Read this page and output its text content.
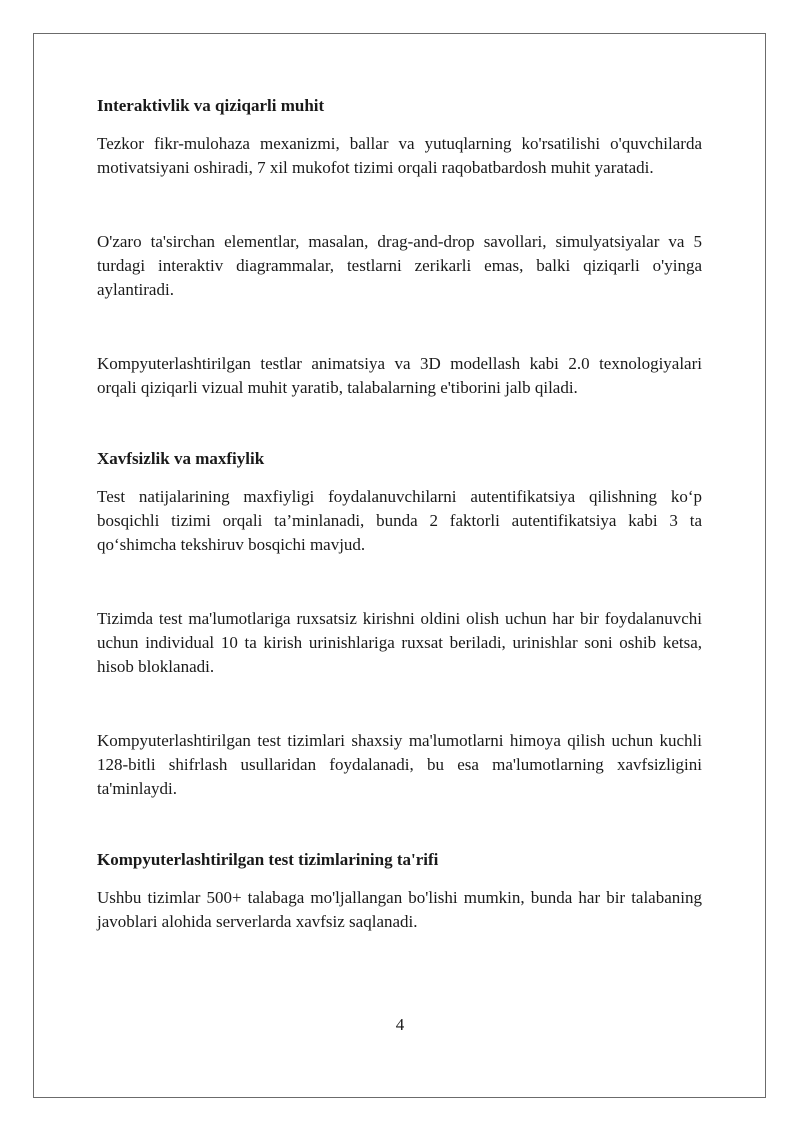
Interaktivlik va qiziqarli muhit

Tezkor fikr-mulohaza mexanizmi, ballar va yutuqlarning ko'rsatilishi o'quvchilarda motivatsiyani oshiradi, 7 xil mukofot tizimi orqali raqobatbardosh muhit yaratadi.

O'zaro ta'sirchan elementlar, masalan, drag-and-drop savollari, simulyatsiyalar va 5 turdagi interaktiv diagrammalar, testlarni zerikarli emas, balki qiziqarli o'yinga aylantiradi.

Kompyuterlashtirilgan testlar animatsiya va 3D modellash kabi 2.0 texnologiyalari orqali qiziqarli vizual muhit yaratib, talabalarning e'tiborini jalb qiladi.

Xavfsizlik va maxfiylik

Test natijalarining maxfiyligi foydalanuvchilarni autentifikatsiya qilishning ko‘p bosqichli tizimi orqali ta’minlanadi, bunda 2 faktorli autentifikatsiya kabi 3 ta qo‘shimcha tekshiruv bosqichi mavjud.

Tizimda test ma'lumotlariga ruxsatsiz kirishni oldini olish uchun har bir foydalanuvchi uchun individual 10 ta kirish urinishlariga ruxsat beriladi, urinishlar soni oshib ketsa, hisob bloklanadi.

Kompyuterlashtirilgan test tizimlari shaxsiy ma'lumotlarni himoya qilish uchun kuchli 128-bitli shifrlash usullaridan foydalanadi, bu esa ma'lumotlarning xavfsizligini ta'minlaydi.

Kompyuterlashtirilgan test tizimlarining ta'rifi

Ushbu tizimlar 500+ talabaga mo'ljallangan bo'lishi mumkin, bunda har bir talabaning javoblari alohida serverlarda xavfsiz saqlanadi.

4
